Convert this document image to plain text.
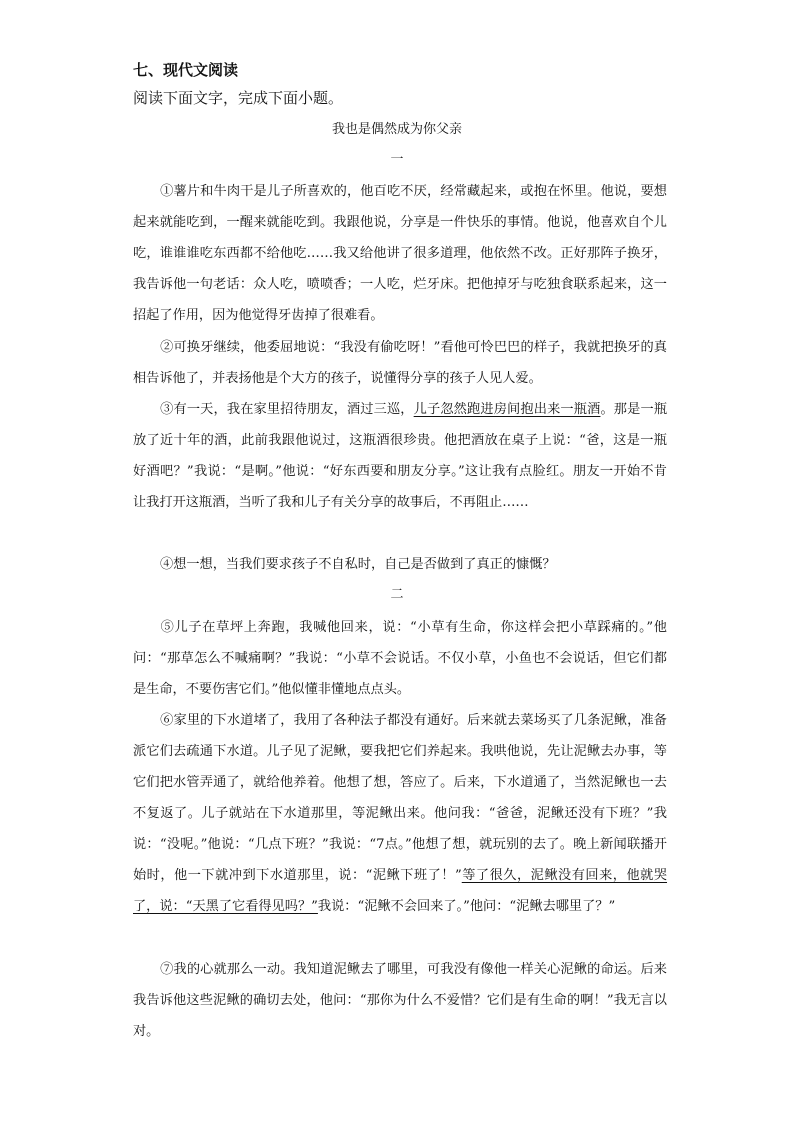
七、现代文阅读
阅读下面文字，完成下面小题。
我也是偶然成为你父亲
一

①薯片和牛肉干是儿子所喜欢的，他百吃不厌，经常藏起来，或抱在怀里。他说，要想起来就能吃到，一醒来就能吃到。我跟他说，分享是一件快乐的事情。他说，他喜欢自个儿吃，谁谁谁吃东西都不给他吃……我又给他讲了很多道理，他依然不改。正好那阵子换牙，我告诉他一句老话：众人吃，喷喷香；一人吃，烂牙床。把他掉牙与吃独食联系起来，这一招起了作用，因为他觉得牙齿掉了很难看。

②可换牙继续，他委屈地说：“我没有偷吃呀！”看他可怜巴巴的样子，我就把换牙的真相告诉他了，并表扬他是个大方的孩子，说懂得分享的孩子人见人爱。

③有一天，我在家里招待朋友，酒过三巡，儿子忽然跑进房间抱出来一瓶酒。那是一瓶放了近十年的酒，此前我跟他说过，这瓶酒很珍贵。他把酒放在桌子上说：“爸，这是一瓶好酒吧？”我说：“是啊。”他说：“好东西要和朋友分享。”这让我有点脸红。朋友一开始不肯让我打开这瓶酒，当听了我和儿子有关分享的故事后，不再阻止……

④想一想，当我们要求孩子不自私时，自己是否做到了真正的慷慨？

二

⑤儿子在草坪上奔跑，我喊他回来，说：“小草有生命，你这样会把小草踩痛的。”他问：“那草怎么不喊痛啊？”我说：“小草不会说话。不仅小草，小鱼也不会说话，但它们都是生命，不要伤害它们。”他似懂非懂地点点头。

⑥家里的下水道堵了，我用了各种法子都没有通好。后来就去菜场买了几条泥鳅，准备派它们去疏通下水道。儿子见了泥鳅，要我把它们养起来。我哄他说，先让泥鳅去办事，等它们把水管弄通了，就给他养着。他想了想，答应了。后来，下水道通了，当然泥鳅也一去不复返了。儿子就站在下水道那里，等泥鳅出来。他问我：“爸爸，泥鳅还没有下班？”我说：“没呢。”他说：“几点下班？”我说：“7点。”他想了想，就玩别的去了。晚上新闻联播开始时，他一下就冲到下水道那里，说：“泥鳅下班了！”等了很久，泥鳅没有回来，他就哭了，说：“天黑了它看得见吗？”我说：“泥鳅不会回来了。”他问：“泥鳅去哪里了？”

⑦我的心就那么一动。我知道泥鳅去了哪里，可我没有像他一样关心泥鳅的命运。后来我告诉他这些泥鳅的确切去处，他问：“那你为什么不爱惜？它们是有生命的啊！”我无言以对。
